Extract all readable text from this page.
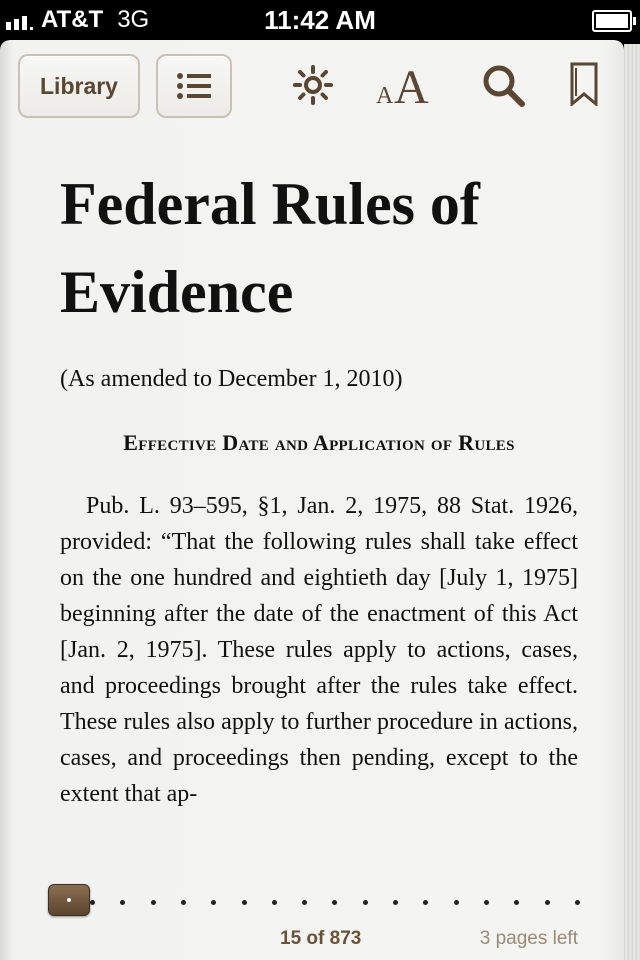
AT&T 3G	11:42 AM
Library	A A
Federal Rules of
Evidence
(As amended to December 1, 2010)
Effective Date and Application of Rules

Pub. L. 93–595, §1, Jan. 2, 1975, 88 Stat. 1926, provided: “That the following rules shall take effect on the one hundred and eightieth day [July 1, 1975] beginning after the date of the enactment of this Act [Jan. 2, 1975]. These rules apply to actions, cases, and proceedings brought after the rules take effect. These rules also apply to further procedure in actions, cases, and proceedings then pending, except to the extent that ap-

15 of 873	3 pages left
